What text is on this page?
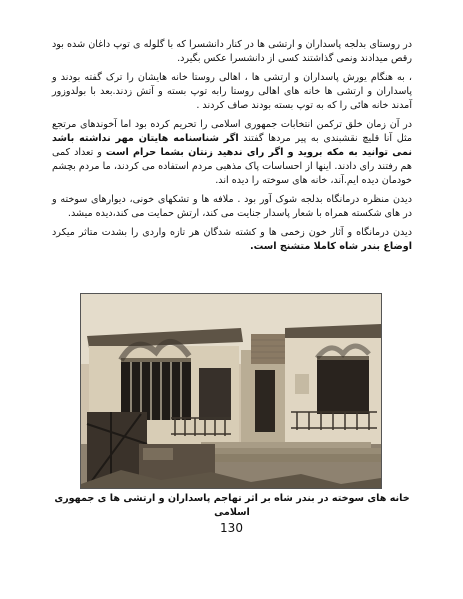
در روستای بدلجه پاسداران و ارتشی ها در کنار دانشسرا که با گلوله ی توپ داغان شده بود رقص میدادند ونمی گذاشتند کسی از دانشسرا عکس بگیرد.

، به هنگام یورش پاسداران و ارتشی ها ، اهالی روستا خانه هایشان را ترک گفته بودند و پاسداران و ارتشی ها خانه های اهالی روستا رابه توپ بسته و آتش زدند.بعد با بولدوزور آمدند خانه هائی را که به توپ بسته بودند صاف کردند .

در آن زمان خلق ترکمن انتخابات جمهوری اسلامی را تحریم کرده بود اما آخوندهای مرتجع مثل آنا قلیچ نقشبندی به پیر مردها گفتند اگر شناسنامه هایتان مهر نداشته باشد نمی توانید به مکه بروید و اگر رای ندهید زنتان بشما حرام است و تعداد کمی هم رفتند رای دادند. اینها از احساسات پاک مذهبی مردم استفاده می کردند، ما مردم بچشم خودمان دیده ایم.آند، خانه های سوخته را دیده اند.

دیدن منظره درمانگاه بدلجه شوک آور بود . ملافه ها و تشکهای خونی، دیوارهای سوخته و در های شکسته همراه با شعار پاسدار جنایت می کند، ارتش حمایت می کند،دیده میشد.

دیدن درمانگاه و آثار خون زخمی ها و کشته شدگان هر تازه واردی را بشدت متاثر میکرد اوضاع بندر شاه کاملا متشنج است.

خانه های سوخته در بندر شاه بر اثر تهاجم پاسداران و ارتشی ها ی جمهوری اسلامی
130
